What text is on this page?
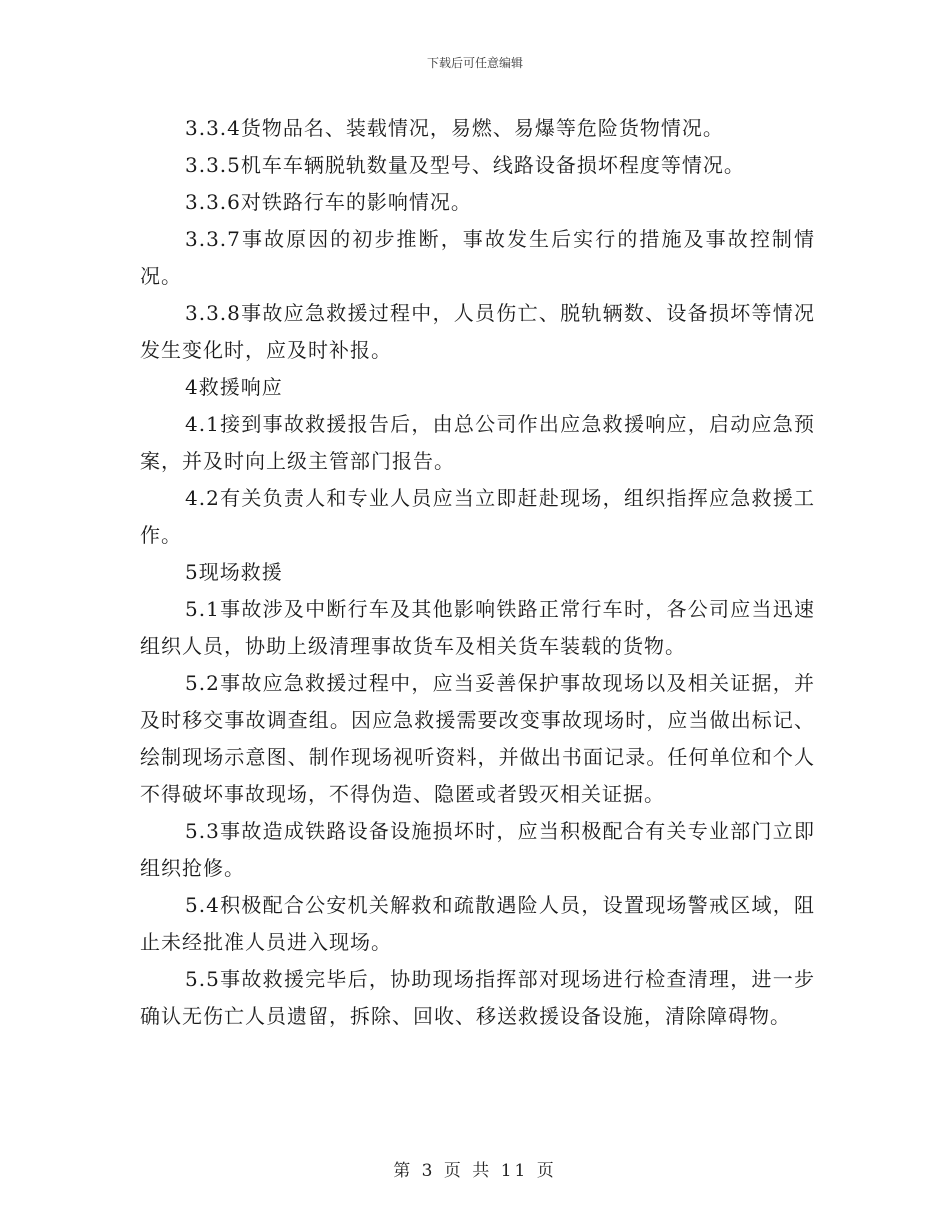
下载后可任意编辑

3.3.4货物品名、装载情况，易燃、易爆等危险货物情况。

3.3.5机车车辆脱轨数量及型号、线路设备损坏程度等情况。

3.3.6对铁路行车的影响情况。

3.3.7事故原因的初步推断，事故发生后实行的措施及事故控制情况。

3.3.8事故应急救援过程中，人员伤亡、脱轨辆数、设备损坏等情况发生变化时，应及时补报。

4救援响应

4.1接到事故救援报告后，由总公司作出应急救援响应，启动应急预案，并及时向上级主管部门报告。

4.2有关负责人和专业人员应当立即赶赴现场，组织指挥应急救援工作。

5现场救援

5.1事故涉及中断行车及其他影响铁路正常行车时，各公司应当迅速组织人员，协助上级清理事故货车及相关货车装载的货物。

5.2事故应急救援过程中，应当妥善保护事故现场以及相关证据，并及时移交事故调查组。因应急救援需要改变事故现场时，应当做出标记、绘制现场示意图、制作现场视听资料，并做出书面记录。任何单位和个人不得破坏事故现场，不得伪造、隐匿或者毁灭相关证据。

5.3事故造成铁路设备设施损坏时，应当积极配合有关专业部门立即组织抢修。

5.4积极配合公安机关解救和疏散遇险人员，设置现场警戒区域，阻止未经批准人员进入现场。

5.5事故救援完毕后，协助现场指挥部对现场进行检查清理，进一步确认无伤亡人员遗留，拆除、回收、移送救援设备设施，清除障碍物。

第 3 页 共 11 页
